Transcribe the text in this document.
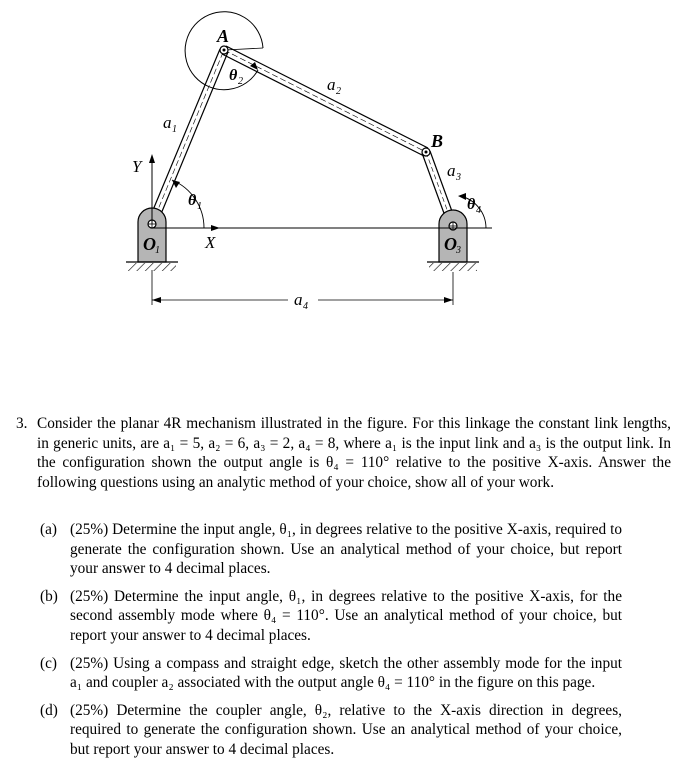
A
B
θ 2	a 2
a 1
a 3
Y
X
θ 1	θ 4
O 1	O 3
a 4
3. Consider the planar 4R mechanism illustrated in the figure. For this linkage the constant link lengths, in generic units, are a₁ = 5, a₂ = 6, a₃ = 2, a₄ = 8, where a₁ is the input link and a₃ is the output link. In the configuration shown the output angle is θ₄ = 110° relative to the positive X-axis. Answer the following questions using an analytic method of your choice, show all of your work.
(a) (25%) Determine the input angle, θ₁, in degrees relative to the positive X-axis, required to generate the configuration shown. Use an analytical method of your choice, but report your answer to 4 decimal places.
(b) (25%) Determine the input angle, θ₁, in degrees relative to the positive X-axis, for the second assembly mode where θ₄ = 110°. Use an analytical method of your choice, but report your answer to 4 decimal places.
(c) (25%) Using a compass and straight edge, sketch the other assembly mode for the input a₁ and coupler a₂ associated with the output angle θ₄ = 110° in the figure on this page.
(d) (25%) Determine the coupler angle, θ₂, relative to the X-axis direction in degrees, required to generate the configuration shown. Use an analytical method of your choice, but report your answer to 4 decimal places.
